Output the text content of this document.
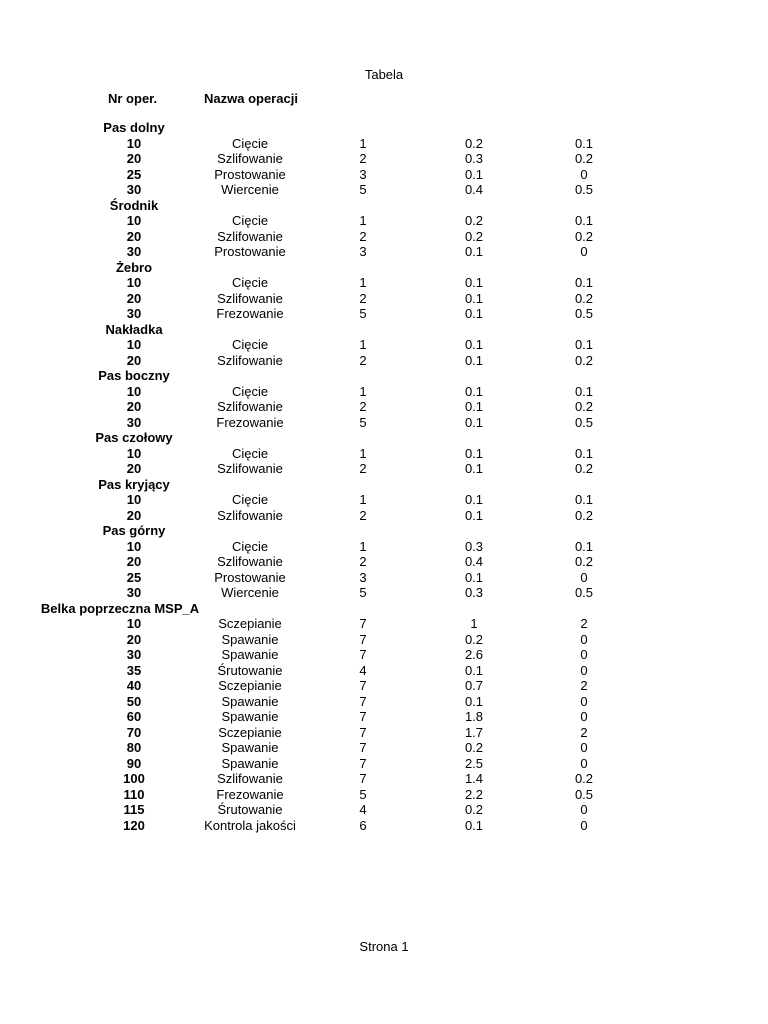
Tabela
Nr oper.	Nazwa operacji
Pas dolny
10	Cięcie	1	0.2	0.1
20	Szlifowanie	2	0.3	0.2
25	Prostowanie	3	0.1	0
30	Wiercenie	5	0.4	0.5
Środnik
10	Cięcie	1	0.2	0.1
20	Szlifowanie	2	0.2	0.2
30	Prostowanie	3	0.1	0
Żebro
10	Cięcie	1	0.1	0.1
20	Szlifowanie	2	0.1	0.2
30	Frezowanie	5	0.1	0.5
Nakładka
10	Cięcie	1	0.1	0.1
20	Szlifowanie	2	0.1	0.2
Pas boczny
10	Cięcie	1	0.1	0.1
20	Szlifowanie	2	0.1	0.2
30	Frezowanie	5	0.1	0.5
Pas czołowy
10	Cięcie	1	0.1	0.1
20	Szlifowanie	2	0.1	0.2
Pas kryjący
10	Cięcie	1	0.1	0.1
20	Szlifowanie	2	0.1	0.2
Pas górny
10	Cięcie	1	0.3	0.1
20	Szlifowanie	2	0.4	0.2
25	Prostowanie	3	0.1	0
30	Wiercenie	5	0.3	0.5
Belka poprzeczna MSP_A
10	Sczepianie	7	1	2
20	Spawanie	7	0.2	0
30	Spawanie	7	2.6	0
35	Śrutowanie	4	0.1	0
40	Sczepianie	7	0.7	2
50	Spawanie	7	0.1	0
60	Spawanie	7	1.8	0
70	Sczepianie	7	1.7	2
80	Spawanie	7	0.2	0
90	Spawanie	7	2.5	0
100	Szlifowanie	7	1.4	0.2
110	Frezowanie	5	2.2	0.5
115	Śrutowanie	4	0.2	0
120	Kontrola jakości	6	0.1	0
Strona 1
